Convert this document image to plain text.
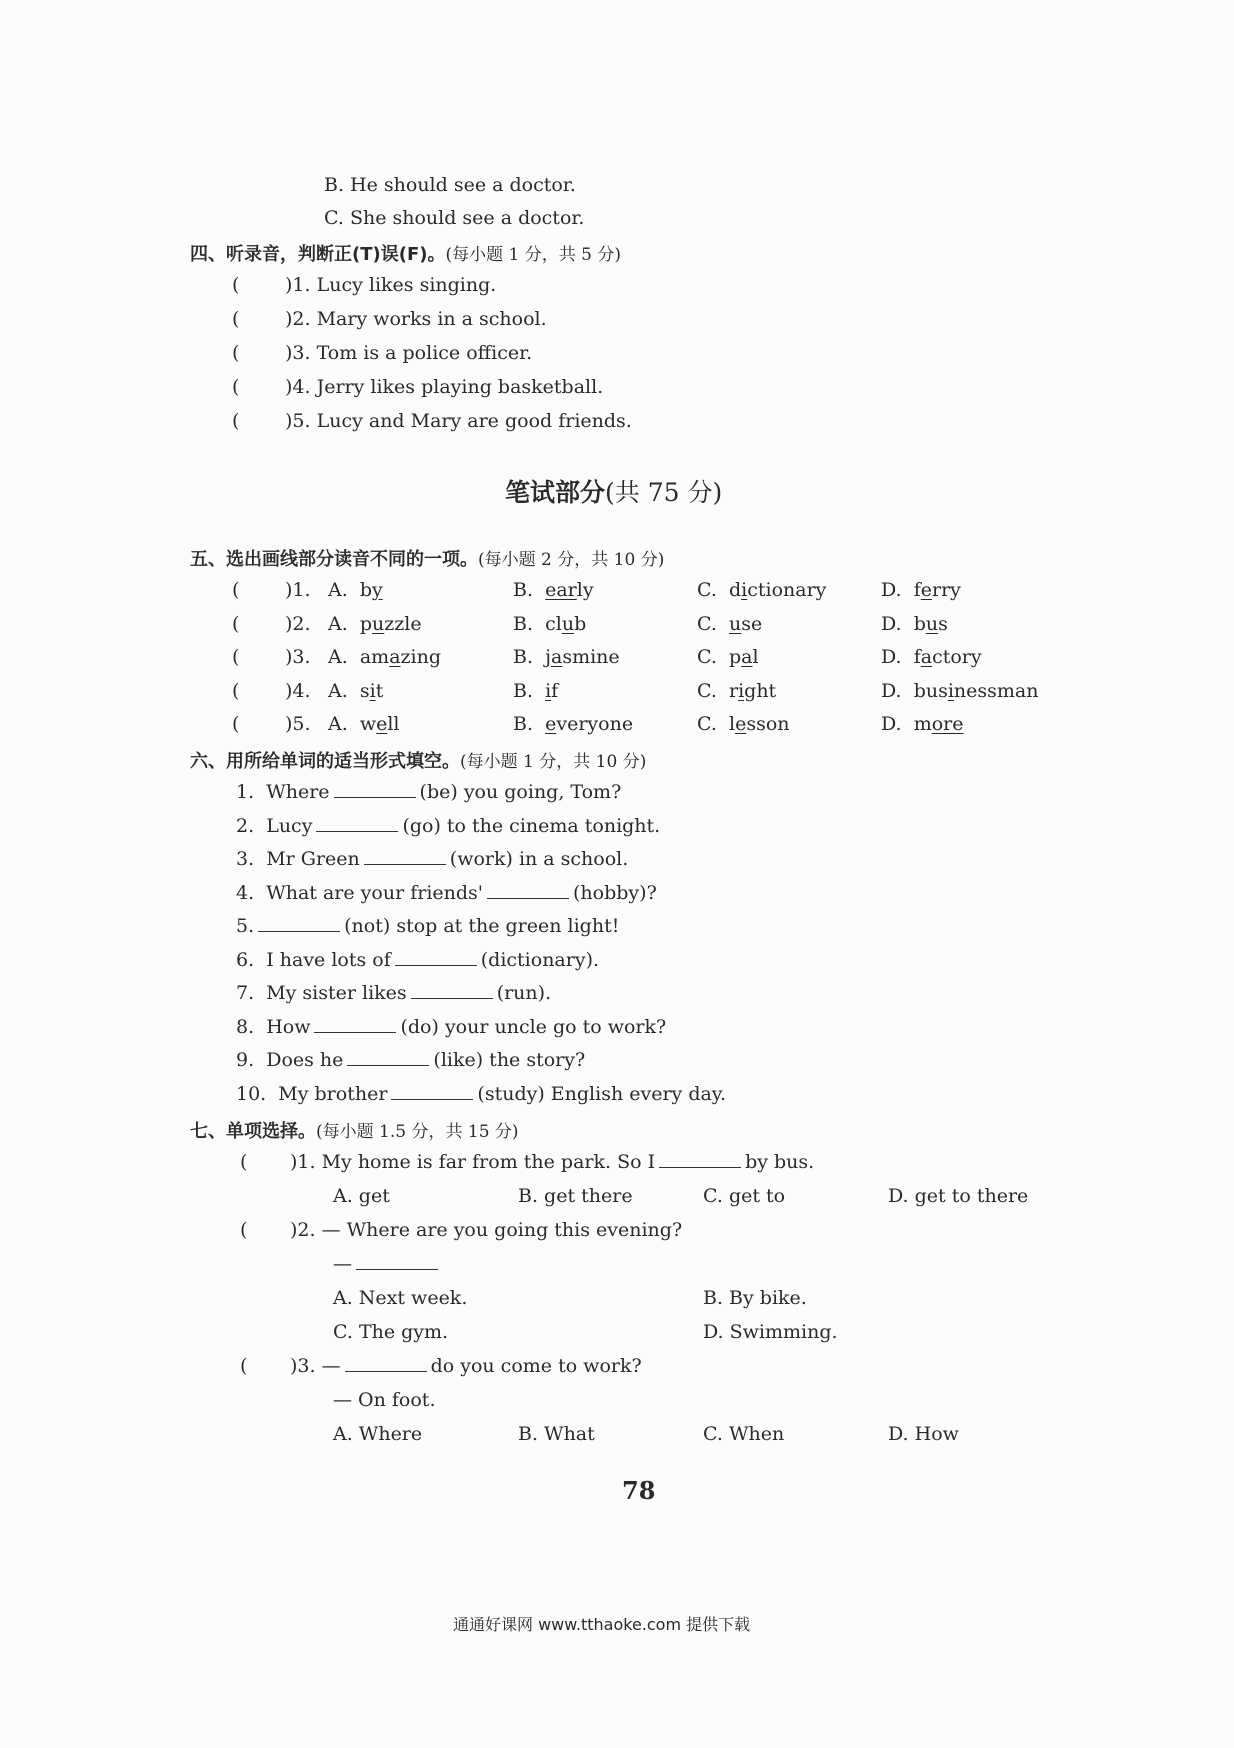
B. He should see a doctor.
C. She should see a doctor.
四、听录音，判断正(T)误(F)。(每小题 1 分，共 5 分)
( )1. Lucy likes singing.
( )2. Mary works in a school.
( )3. Tom is a police officer.
( )4. Jerry likes playing basketball.
( )5. Lucy and Mary are good friends.
笔试部分(共 75 分)
五、选出画线部分读音不同的一项。(每小题 2 分，共 10 分)
( )1. A.  by	B.  early	C.  dictionary	D.  ferry
( )2. A.  puzzle	B.  club	C.  use	D.  bus
( )3. A.  amazing	B.  jasmine	C.  pal	D.  factory
( )4. A.  sit	B.  if	C.  right	D.  businessman
( )5. A.  well	B.  everyone	C.  lesson	D.  more
六、用所给单词的适当形式填空。(每小题 1 分，共 10 分)
1.  Where	(be) you going, Tom?
2.  Lucy	(go) to the cinema tonight.
3.  Mr Green	(work) in a school.
4.  What are your friends'	(hobby)?
5.	(not) stop at the green light!
6.  I have lots of	(dictionary).
7.  My sister likes	(run).
8.  How	(do) your uncle go to work?
9.  Does he	(like) the story?
10.  My brother	(study) English every day.
七、单项选择。(每小题 1.5 分，共 15 分)
( )1. My home is far from the park. So I	by bus.
A. get	B. get there	C. get to	D. get to there
( )2. — Where are you going this evening?
—
A. Next week.	B. By bike.
C. The gym.	D. Swimming.
( )3. —	do you come to work?
— On foot.
A. Where	B. What	C. When	D. How
78
通通好课网 www.tthaoke.com 提供下载
